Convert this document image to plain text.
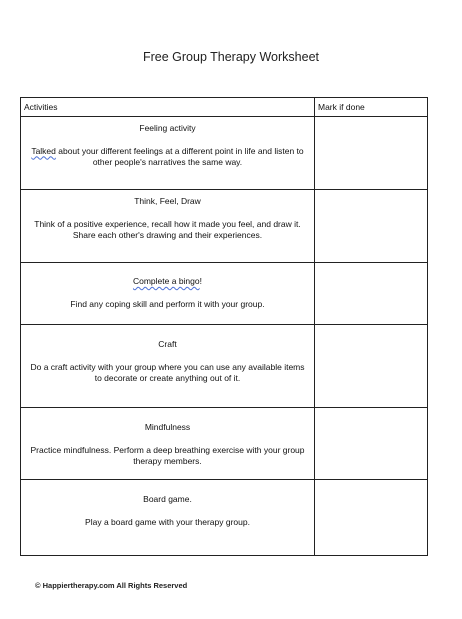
Free Group Therapy Worksheet
Activities	Mark if done

Feeling activity
Talked about your different feelings at a different point in life and listen to other people's narratives the same way.	

Think, Feel, Draw
Think of a positive experience, recall how it made you feel, and draw it. Share each other's drawing and their experiences.	

Complete a bingo!
Find any coping skill and perform it with your group.	

Craft
Do a craft activity with your group where you can use any available items to decorate or create anything out of it.	

Mindfulness
Practice mindfulness. Perform a deep breathing exercise with your group therapy members.	

Board game.
Play a board game with your therapy group.	

© Happiertherapy.com All Rights Reserved
